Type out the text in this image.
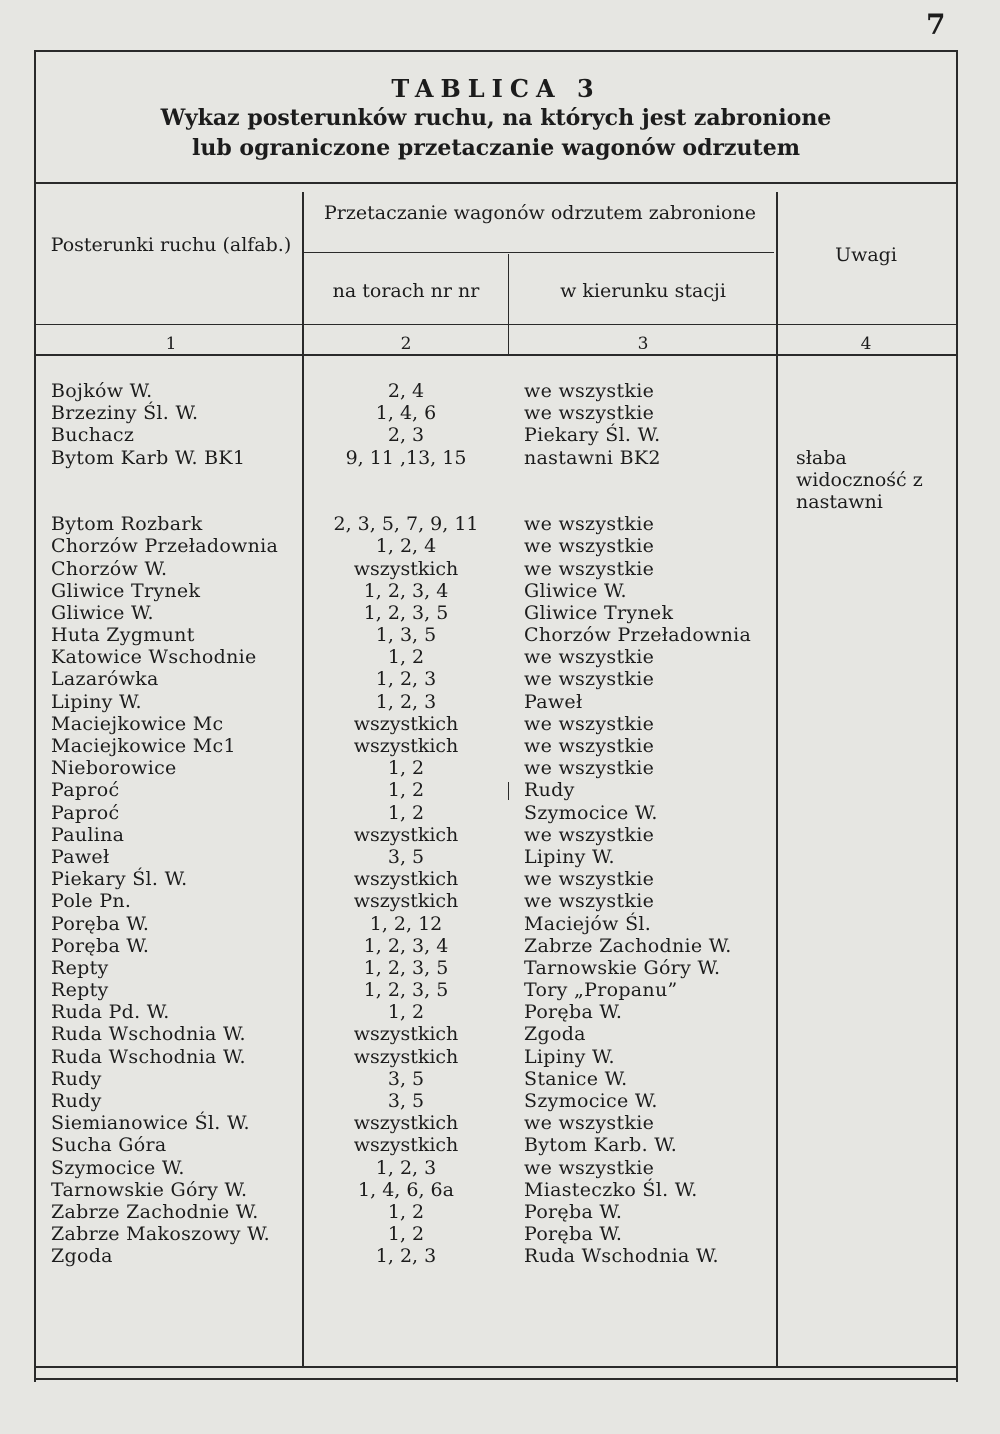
7
TABLICA 3
Wykaz posterunków ruchu, na których jest zabronione
lub ograniczone przetaczanie wagonów odrzutem
Posterunki ruchu (alfab.)
Przetaczanie wagonów odrzutem zabronione
na torach nr nr	w kierunku stacji
Uwagi
1	2	3	4
Bojków W.	2, 4	we wszystkie
Brzeziny Śl. W.	1, 4, 6	we wszystkie
Buchacz	2, 3	Piekary Śl. W.
Bytom Karb W. BK1	9, 11 ,13, 15	nastawni BK2	słaba widoczność z nastawni
Bytom Rozbark	2, 3, 5, 7, 9, 11	we wszystkie
Chorzów Przeładownia	1, 2, 4	we wszystkie
Chorzów W.	wszystkich	we wszystkie
Gliwice Trynek	1, 2, 3, 4	Gliwice W.
Gliwice W.	1, 2, 3, 5	Gliwice Trynek
Huta Zygmunt	1, 3, 5	Chorzów Przeładownia
Katowice Wschodnie	1, 2	we wszystkie
Lazarówka	1, 2, 3	we wszystkie
Lipiny W.	1, 2, 3	Paweł
Maciejkowice Mc	wszystkich	we wszystkie
Maciejkowice Mc1	wszystkich	we wszystkie
Nieborowice	1, 2	we wszystkie
Paproć	1, 2	Rudy
Paproć	1, 2	Szymocice W.
Paulina	wszystkich	we wszystkie
Paweł	3, 5	Lipiny W.
Piekary Śl. W.	wszystkich	we wszystkie
Pole Pn.	wszystkich	we wszystkie
Poręba W.	1, 2, 12	Maciejów Śl.
Poręba W.	1, 2, 3, 4	Zabrze Zachodnie W.
Repty	1, 2, 3, 5	Tarnowskie Góry W.
Repty	1, 2, 3, 5	Tory „Propanu”
Ruda Pd. W.	1, 2	Poręba W.
Ruda Wschodnia W.	wszystkich	Zgoda
Ruda Wschodnia W.	wszystkich	Lipiny W.
Rudy	3, 5	Stanice W.
Rudy	3, 5	Szymocice W.
Siemianowice Śl. W.	wszystkich	we wszystkie
Sucha Góra	wszystkich	Bytom Karb. W.
Szymocice W.	1, 2, 3	we wszystkie
Tarnowskie Góry W.	1, 4, 6, 6a	Miasteczko Śl. W.
Zabrze Zachodnie W.	1, 2	Poręba W.
Zabrze Makoszowy W.	1, 2	Poręba W.
Zgoda	1, 2, 3	Ruda Wschodnia W.
